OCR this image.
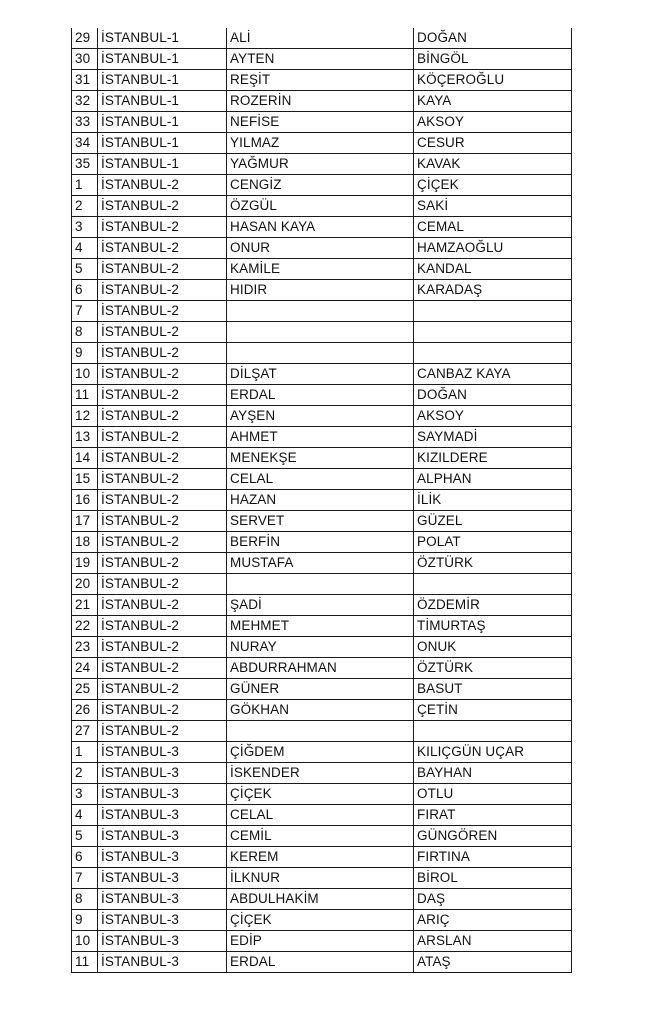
29	İSTANBUL-1	ALİ	DOĞAN
30	İSTANBUL-1	AYTEN	BİNGÖL
31	İSTANBUL-1	REŞİT	KÖÇEROĞLU
32	İSTANBUL-1	ROZERİN	KAYA
33	İSTANBUL-1	NEFİSE	AKSOY
34	İSTANBUL-1	YILMAZ	CESUR
35	İSTANBUL-1	YAĞMUR	KAVAK
1	İSTANBUL-2	CENGİZ	ÇİÇEK
2	İSTANBUL-2	ÖZGÜL	SAKİ
3	İSTANBUL-2	HASAN KAYA	CEMAL
4	İSTANBUL-2	ONUR	HAMZAOĞLU
5	İSTANBUL-2	KAMİLE	KANDAL
6	İSTANBUL-2	HIDIR	KARADAŞ
7	İSTANBUL-2		
8	İSTANBUL-2		
9	İSTANBUL-2		
10	İSTANBUL-2	DİLŞAT	CANBAZ KAYA
11	İSTANBUL-2	ERDAL	DOĞAN
12	İSTANBUL-2	AYŞEN	AKSOY
13	İSTANBUL-2	AHMET	SAYMADİ
14	İSTANBUL-2	MENEKŞE	KIZILDERE
15	İSTANBUL-2	CELAL	ALPHAN
16	İSTANBUL-2	HAZAN	İLİK
17	İSTANBUL-2	SERVET	GÜZEL
18	İSTANBUL-2	BERFİN	POLAT
19	İSTANBUL-2	MUSTAFA	ÖZTÜRK
20	İSTANBUL-2		
21	İSTANBUL-2	ŞADİ	ÖZDEMİR
22	İSTANBUL-2	MEHMET	TİMURTAŞ
23	İSTANBUL-2	NURAY	ONUK
24	İSTANBUL-2	ABDURRAHMAN	ÖZTÜRK
25	İSTANBUL-2	GÜNER	BASUT
26	İSTANBUL-2	GÖKHAN	ÇETİN
27	İSTANBUL-2		
1	İSTANBUL-3	ÇİĞDEM	KILIÇGÜN UÇAR
2	İSTANBUL-3	İSKENDER	BAYHAN
3	İSTANBUL-3	ÇİÇEK	OTLU
4	İSTANBUL-3	CELAL	FIRAT
5	İSTANBUL-3	CEMİL	GÜNGÖREN
6	İSTANBUL-3	KEREM	FIRTINA
7	İSTANBUL-3	İLKNUR	BİROL
8	İSTANBUL-3	ABDULHAKİM	DAŞ
9	İSTANBUL-3	ÇİÇEK	ARIÇ
10	İSTANBUL-3	EDİP	ARSLAN
11	İSTANBUL-3	ERDAL	ATAŞ
